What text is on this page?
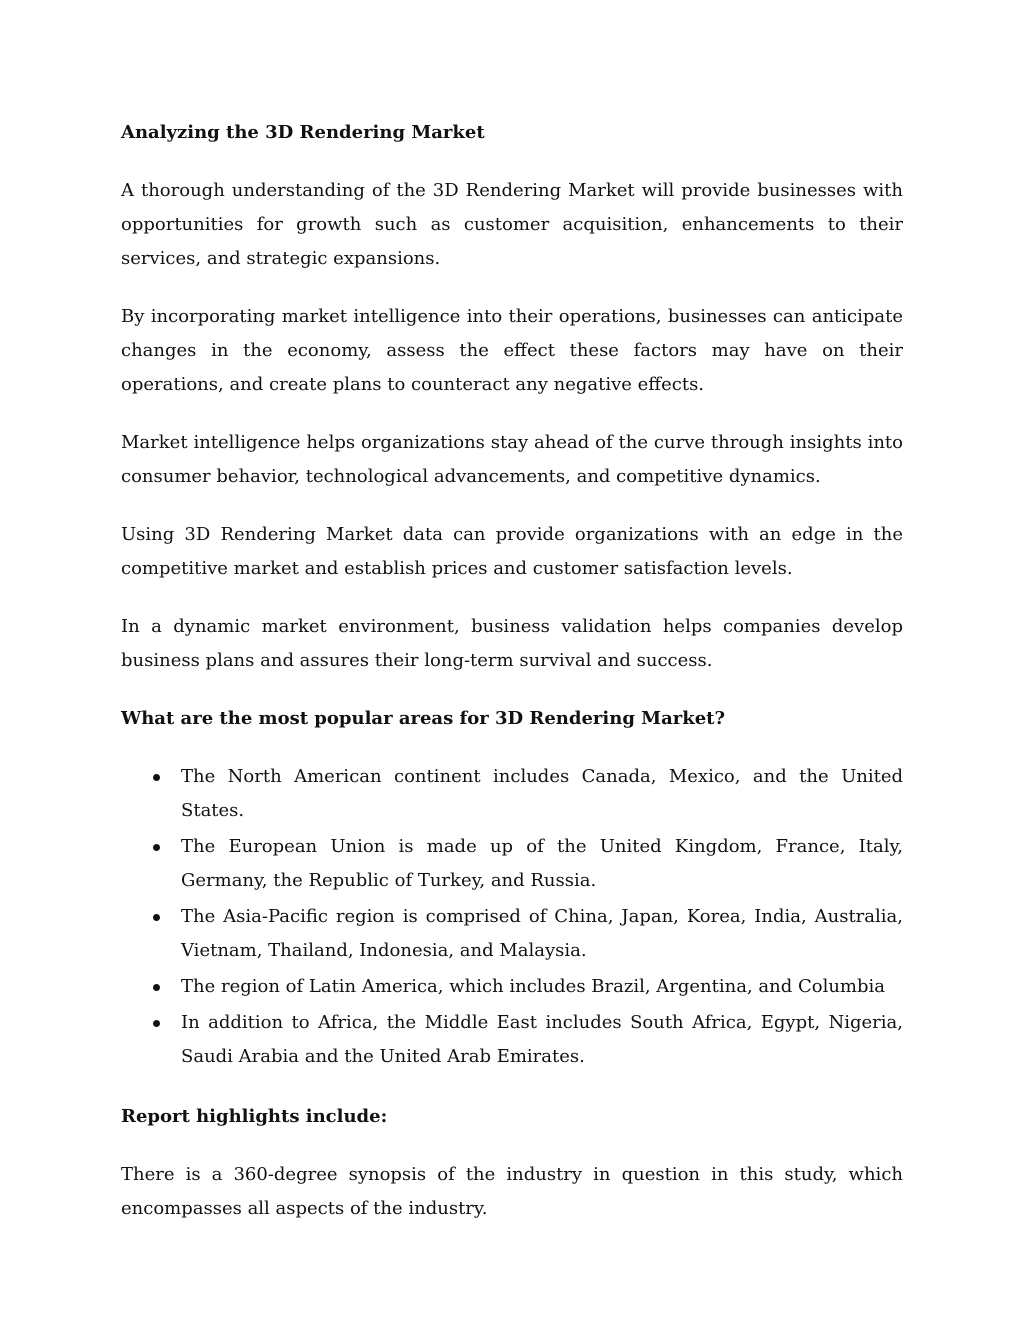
Analyzing the 3D Rendering Market

A thorough understanding of the 3D Rendering Market will provide businesses with opportunities for growth such as customer acquisition, enhancements to their services, and strategic expansions.

By incorporating market intelligence into their operations, businesses can anticipate changes in the economy, assess the effect these factors may have on their operations, and create plans to counteract any negative effects.

Market intelligence helps organizations stay ahead of the curve through insights into consumer behavior, technological advancements, and competitive dynamics.

Using 3D Rendering Market data can provide organizations with an edge in the competitive market and establish prices and customer satisfaction levels.

In a dynamic market environment, business validation helps companies develop business plans and assures their long-term survival and success.

What are the most popular areas for 3D Rendering Market?
The North American continent includes Canada, Mexico, and the United States.
The European Union is made up of the United Kingdom, France, Italy, Germany, the Republic of Turkey, and Russia.
The Asia-Pacific region is comprised of China, Japan, Korea, India, Australia, Vietnam, Thailand, Indonesia, and Malaysia.
The region of Latin America, which includes Brazil, Argentina, and Columbia
In addition to Africa, the Middle East includes South Africa, Egypt, Nigeria, Saudi Arabia and the United Arab Emirates.
Report highlights include:

There is a 360-degree synopsis of the industry in question in this study, which encompasses all aspects of the industry.
